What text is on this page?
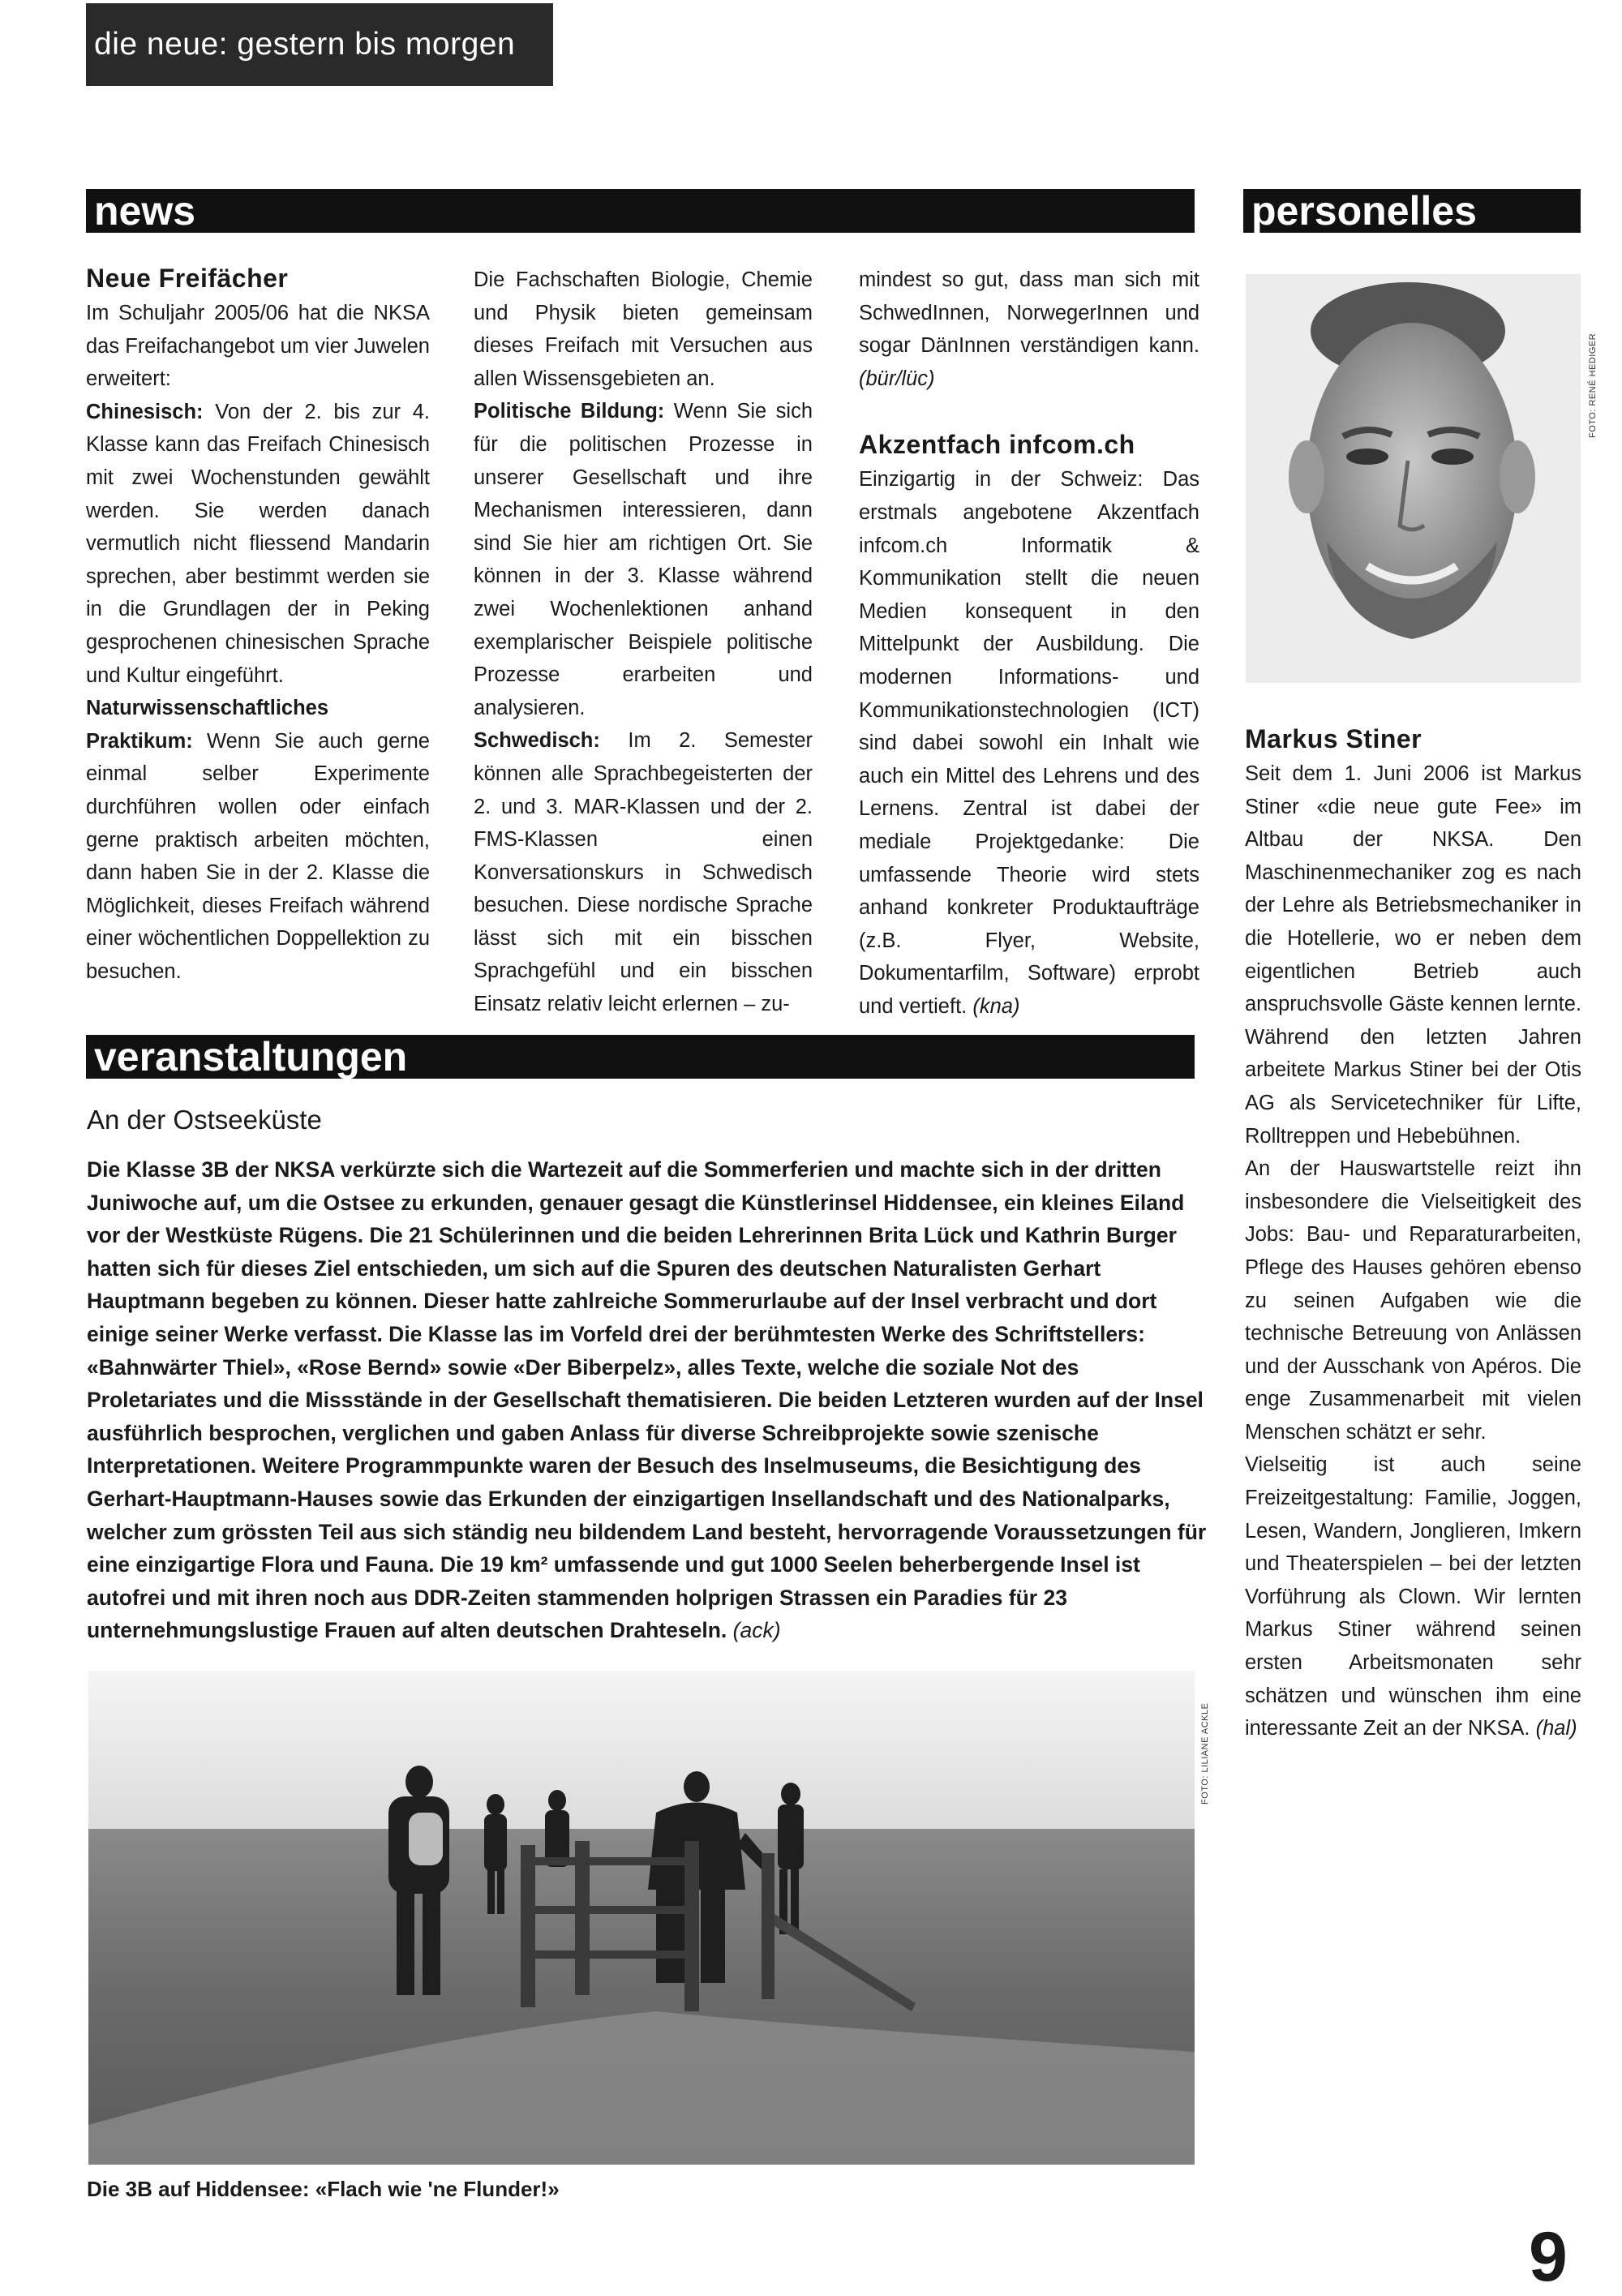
die neue: gestern bis morgen
news	personelles
Neue Freifächer

Im Schuljahr 2005/06 hat die NKSA das Freifachangebot um vier Juwelen erweitert:

Chinesisch: Von der 2. bis zur 4. Klasse kann das Freifach Chinesisch mit zwei Wochenstunden gewählt werden. Sie werden danach vermutlich nicht fliessend Mandarin sprechen, aber bestimmt werden sie in die Grundlagen der in Peking gesprochenen chinesischen Sprache und Kultur eingeführt.

Naturwissenschaftliches Praktikum: Wenn Sie auch gerne einmal selber Experimente durchführen wollen oder einfach gerne praktisch arbeiten möchten, dann haben Sie in der 2. Klasse die Möglichkeit, dieses Freifach während einer wöchentlichen Doppellektion zu besuchen.

Die Fachschaften Biologie, Chemie und Physik bieten gemeinsam dieses Freifach mit Versuchen aus allen Wissensgebieten an.

Politische Bildung: Wenn Sie sich für die politischen Prozesse in unserer Gesellschaft und ihre Mechanismen interessieren, dann sind Sie hier am richtigen Ort. Sie können in der 3. Klasse während zwei Wochenlektionen anhand exemplarischer Beispiele politische Prozesse erarbeiten und analysieren.

Schwedisch: Im 2. Semester können alle Sprachbegeisterten der 2. und 3. MAR-Klassen und der 2. FMS-Klassen einen Konversationskurs in Schwedisch besuchen. Diese nordische Sprache lässt sich mit ein bisschen Sprachgefühl und ein bisschen Einsatz relativ leicht erlernen – zu-

mindest so gut, dass man sich mit SchwedInnen, NorwegerInnen und sogar DänInnen verständigen kann. (bür/lüc)

Akzentfach infcom.ch

Einzigartig in der Schweiz: Das erstmals angebotene Akzentfach infcom.ch Informatik & Kommunikation stellt die neuen Medien konsequent in den Mittelpunkt der Ausbildung. Die modernen Informations- und Kommunikationstechnologien (ICT) sind dabei sowohl ein Inhalt wie auch ein Mittel des Lehrens und des Lernens. Zentral ist dabei der mediale Projektgedanke: Die umfassende Theorie wird stets anhand konkreter Produktaufträge (z.B. Flyer, Website, Dokumentarfilm, Software) erprobt und vertieft. (kna)

FOTO: RENÉ HEDIGER
Markus Stiner

Seit dem 1. Juni 2006 ist Markus Stiner «die neue gute Fee» im Altbau der NKSA. Den Maschinenmechaniker zog es nach der Lehre als Betriebsmechaniker in die Hotellerie, wo er neben dem eigentlichen Betrieb auch anspruchsvolle Gäste kennen lernte. Während den letzten Jahren arbeitete Markus Stiner bei der Otis AG als Servicetechniker für Lifte, Rolltreppen und Hebebühnen.

An der Hauswartstelle reizt ihn insbesondere die Vielseitigkeit des Jobs: Bau- und Reparaturarbeiten, Pflege des Hauses gehören ebenso zu seinen Aufgaben wie die technische Betreuung von Anlässen und der Ausschank von Apéros. Die enge Zusammenarbeit mit vielen Menschen schätzt er sehr.

Vielseitig ist auch seine Freizeitgestaltung: Familie, Joggen, Lesen, Wandern, Jonglieren, Imkern und Theaterspielen – bei der letzten Vorführung als Clown. Wir lernten Markus Stiner während seinen ersten Arbeitsmonaten sehr schätzen und wünschen ihm eine interessante Zeit an der NKSA. (hal)

veranstaltungen
An der Ostseeküste

Die Klasse 3B der NKSA verkürzte sich die Wartezeit auf die Sommerferien und machte sich in der dritten Juniwoche auf, um die Ostsee zu erkunden, genauer gesagt die Künstlerinsel Hiddensee, ein kleines Eiland vor der Westküste Rügens. Die 21 Schülerinnen und die beiden Lehrerinnen Brita Lück und Kathrin Burger hatten sich für dieses Ziel entschieden, um sich auf die Spuren des deutschen Naturalisten Gerhart Hauptmann begeben zu können. Dieser hatte zahlreiche Sommerurlaube auf der Insel verbracht und dort einige seiner Werke verfasst. Die Klasse las im Vorfeld drei der berühmtesten Werke des Schriftstellers: «Bahnwärter Thiel», «Rose Bernd» sowie «Der Biberpelz», alles Texte, welche die soziale Not des Proletariates und die Missstände in der Gesellschaft thematisieren. Die beiden Letzteren wurden auf der Insel ausführlich besprochen, verglichen und gaben Anlass für diverse Schreibprojekte sowie szenische Interpretationen. Weitere Programmpunkte waren der Besuch des Inselmuseums, die Besichtigung des Gerhart-Hauptmann-Hauses sowie das Erkunden der einzigartigen Insellandschaft und des Nationalparks, welcher zum grössten Teil aus sich ständig neu bildendem Land besteht, hervorragende Voraussetzungen für eine einzigartige Flora und Fauna. Die 19 km² umfassende und gut 1000 Seelen beherbergende Insel ist autofrei und mit ihren noch aus DDR-Zeiten stammenden holprigen Strassen ein Paradies für 23 unternehmungslustige Frauen auf alten deutschen Drahteseln. (ack)

FOTO: LILIANE ACKLE
Die 3B auf Hiddensee: «Flach wie 'ne Flunder!»
9
